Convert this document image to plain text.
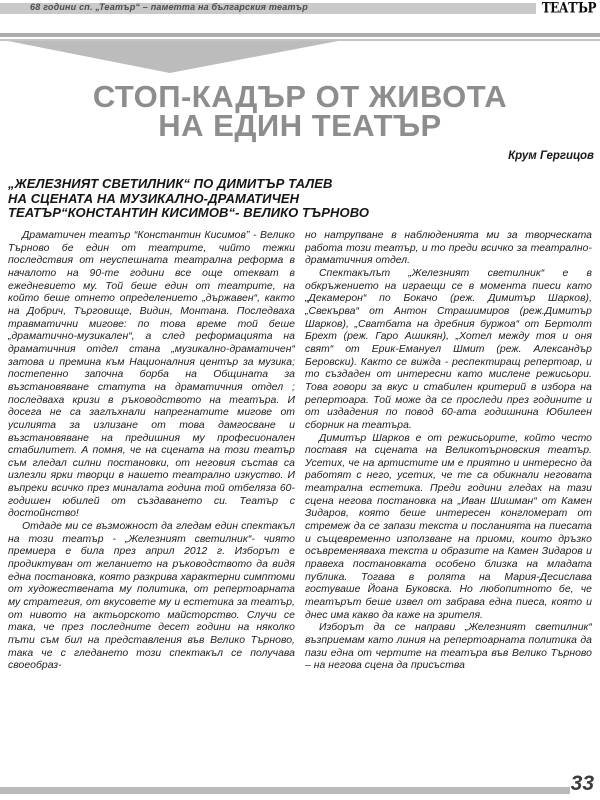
68 години сп. „Театър“ – паметта на българския театър	ТЕАТЪР
СТОП-КАДЪР ОТ ЖИВОТА
НА ЕДИН ТЕАТЪР
Крум Гергицов
„ЖЕЛЕЗНИЯТ СВЕТИЛНИК“ ПО ДИМИТЪР ТАЛЕВ
НА СЦЕНАТА НА МУЗИКАЛНО-ДРАМАТИЧЕН
ТЕАТЪР“КОНСТАНТИН КИСИМОВ“- ВЕЛИКО ТЪРНОВО

Драматичен театър “Константин Кисимов” - Велико Търново бе един от театрите, чийто тежки последствия от неуспешната театрална реформа в началото на 90-те години все още отекват в ежедневието му. Той беше един от театрите, на който беше отнето определението „държавен“, както на Добрич, Търговище, Видин, Монтана. Последваха травматични мигове: по това време той беше „драматично-музикален“, а след реформацията на драматичния отдел стана „музикално-драматичен“ затова и премина към Националния център за музика; постепенно започна борба на Общината за възстановяване статута на драматичния отдел ; последваха кризи в ръководството на театъра. И досега не са заглъхнали напрегнатите мигове от усилията за излизане от това дамгосване и възстановяване на предишния му професионален стабилитет. А помня, че на сцената на този театър съм гледал силни постановки, от неговия състав са излезли ярки творци в нашето театрално изкуство. И въпреки всичко през миналата година той отбеляза 60-годишен юбилей от създаването си. Театър с достойнство!

Отдаде ми се възможност да гледам един спектакъл на този театър - „Железният светилник“- чиято премиера е била през април 2012 г. Изборът е продиктуван от желанието на ръководството да видя една постановка, която разкрива характерни симптоми от художествената му политика, от репертоарната му стратегия, от вкусовете му и естетика за театър, от нивото на актьорското майсторство. Случи се така, че през последните десет години на няколко пъти съм бил на представления във Велико Търново, така че с гледането този спектакъл се получава своеобраз-

но натрупване в наблюденията ми за творческата работа този театър, и то преди всичко за театрално-драматичния отдел.

Спектакълът „Железният светилник“ е в обкръжението на играещи се в момента пиеси като „Декамерон“ по Бокачо (реж. Димитър Шарков), „Свекърва“ от Антон Страшимиров (реж.Димитър Шарков), „Сватбата на дребния буржоа“ от Бертолт Брехт (реж. Гаро Ашикян), „Хотел между тоя и оня свят“ от Ерик-Емануел Шмит (реж. Александър Беровски). Както се вижда - респектиращ репертоар, и то създаден от интересни като мислене режисьори. Това говори за вкус и стабилен критерий в избора на репертоара. Той може да се проследи през годините и от издадения по повод 60-ата годишнина Юбилеен сборник на театъра.

Димитър Шарков е от режисьорите, който често поставя на сцената на Великотърновския театър. Усетих, че на артистите им е приятно и интересно да работят с него, усетих, че те са обикнали неговата театрална естетика. Преди години гледах на тази сцена негова постановка на „Иван Шишман“ от Камен Зидаров, която беше интересен конгломерат от стремеж да се запази текста и посланията на пиесата и същевременно използване на приоми, които дръзко осъвременяваха текста и образите на Камен Зидаров и правеха постановката особено близка на младата публика. Тогава в ролята на Мария-Десислава гостуваше Йоана Буковска. Но любопитното бе, че театърът беше извел от забрава една пиеса, която и днес има какво да каже на зрителя.

Изборът да се направи „Железният светилник“ възприемам като линия на репертоарната политика да пази една от чертите на театъра във Велико Търново – на негова сцена да присъства

33
